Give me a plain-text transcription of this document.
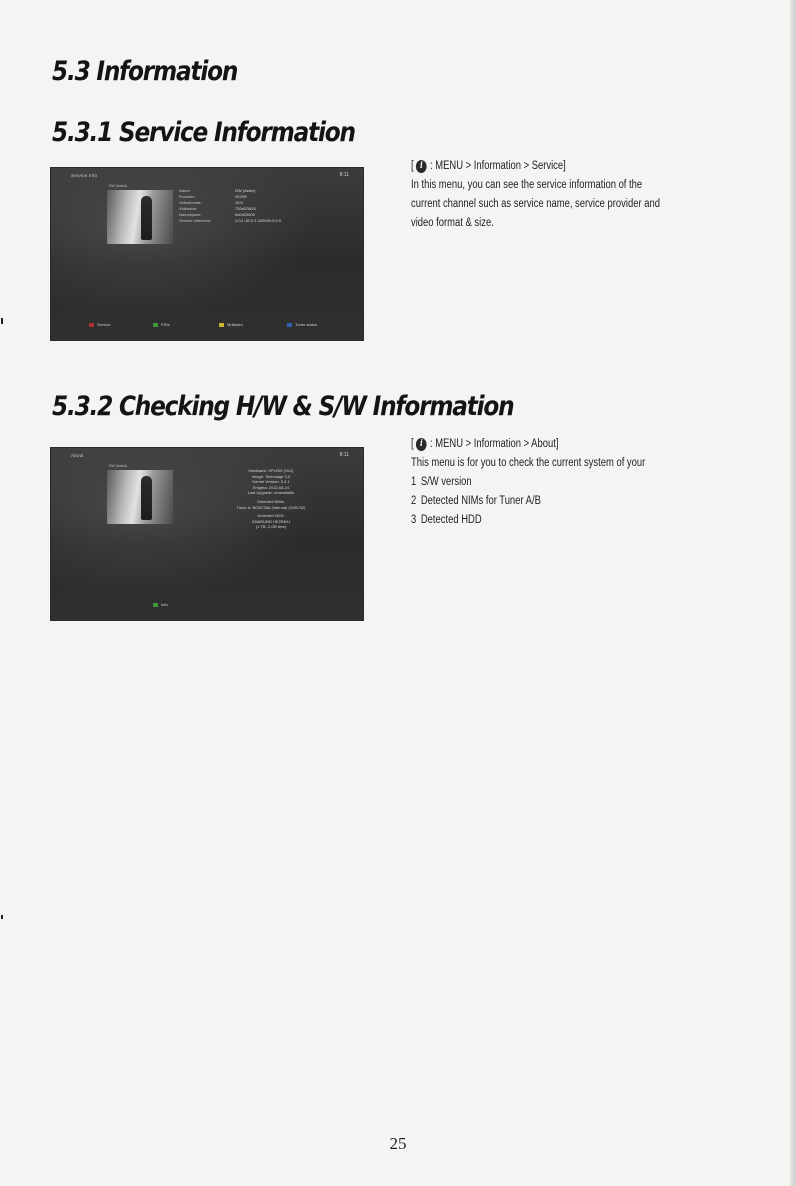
5.3 Information
5.3.1 Service Information
Service Info	8:11
DW (Asien)
Name:	DW (Asien)
Provider:	GCRR
Videoformat:	16:9
Videosize:	720x576i25
Namespace:	0x0420000
Service reference:	1:0:1:1E:2:1:420000:0:0:0
Service	PIDs	Multiplex	Tuner status

[ i : MENU > Information > Service]

In this menu, you can see the service information of the

current channel such as service name, service provider and

video format & size.

5.3.2 Checking H/W & S/W Information
About	8:11
DW (Asien)
Hardware: XP1000 (HL2)
Image: Techmage 3.0
Kernel Version: 3.3.1
Enigma: 2012-08-24
Last Upgrade: unavailable
Detected NIMs:
Tuner A: BCM7346 (internal) (DVB-S2)
Detected HDD:
SAMSUNG HE253HJ
(1 TB, 3 GB free)
Info

[ i : MENU > Information > About]

This menu is for you to check the current system of your

1 S/W version

2 Detected NIMs for Tuner A/B

3 Detected HDD

25
